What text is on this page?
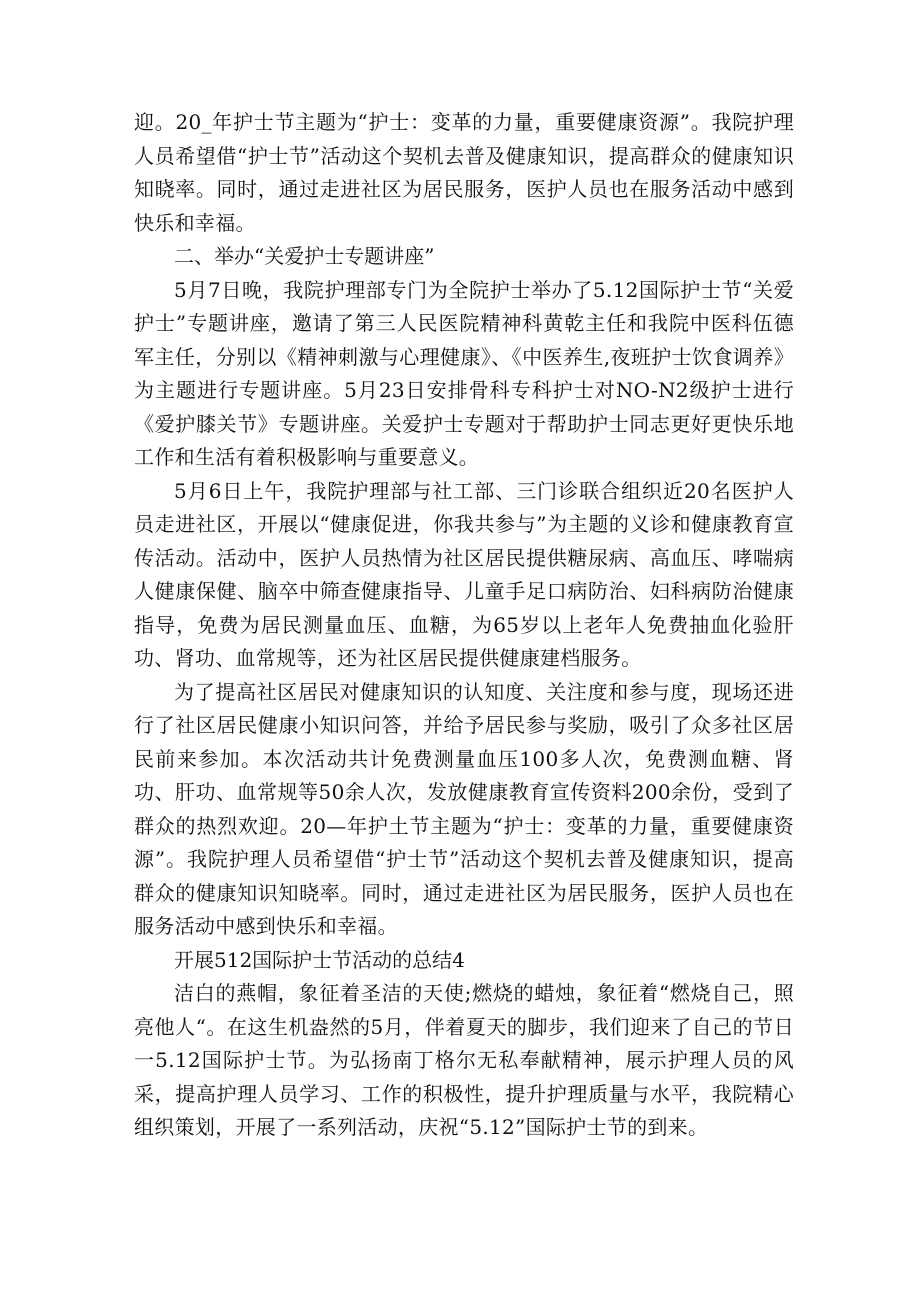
迎。20_年护士节主题为“护士：变革的力量，重要健康资源”。我院护理人员希望借“护士节”活动这个契机去普及健康知识，提高群众的健康知识知晓率。同时，通过走进社区为居民服务，医护人员也在服务活动中感到快乐和幸福。

二、举办“关爱护士专题讲座”

5月7日晚，我院护理部专门为全院护士举办了5.12国际护士节“关爱护士”专题讲座，邀请了第三人民医院精神科黄乾主任和我院中医科伍德军主任，分别以《精神刺激与心理健康》、《中医养生,夜班护士饮食调养》为主题进行专题讲座。5月23日安排骨科专科护士对NO-N2级护士进行《爱护膝关节》专题讲座。关爱护士专题对于帮助护士同志更好更快乐地工作和生活有着积极影响与重要意义。

5月6日上午，我院护理部与社工部、三门诊联合组织近20名医护人员走进社区，开展以“健康促进，你我共参与”为主题的义诊和健康教育宣传活动。活动中，医护人员热情为社区居民提供糖尿病、高血压、哮喘病人健康保健、脑卒中筛查健康指导、儿童手足口病防治、妇科病防治健康指导，免费为居民测量血压、血糖，为65岁以上老年人免费抽血化验肝功、肾功、血常规等，还为社区居民提供健康建档服务。

为了提高社区居民对健康知识的认知度、关注度和参与度，现场还进行了社区居民健康小知识问答，并给予居民参与奖励，吸引了众多社区居民前来参加。本次活动共计免费测量血压100多人次，免费测血糖、肾功、肝功、血常规等50余人次，发放健康教育宣传资料200余份，受到了群众的热烈欢迎。20—年护土节主题为“护士：变革的力量，重要健康资源”。我院护理人员希望借“护士节”活动这个契机去普及健康知识，提高群众的健康知识知晓率。同时，通过走进社区为居民服务，医护人员也在服务活动中感到快乐和幸福。

开展512国际护士节活动的总结4

洁白的燕帽，象征着圣洁的天使;燃烧的蜡烛，象征着“燃烧自己，照亮他人“。在这生机盎然的5月，伴着夏天的脚步，我们迎来了自己的节日一5.12国际护士节。为弘扬南丁格尔无私奉献精神，展示护理人员的风采，提高护理人员学习、工作的积极性，提升护理质量与水平，我院精心组织策划，开展了一系列活动，庆祝“5.12”国际护士节的到来。
